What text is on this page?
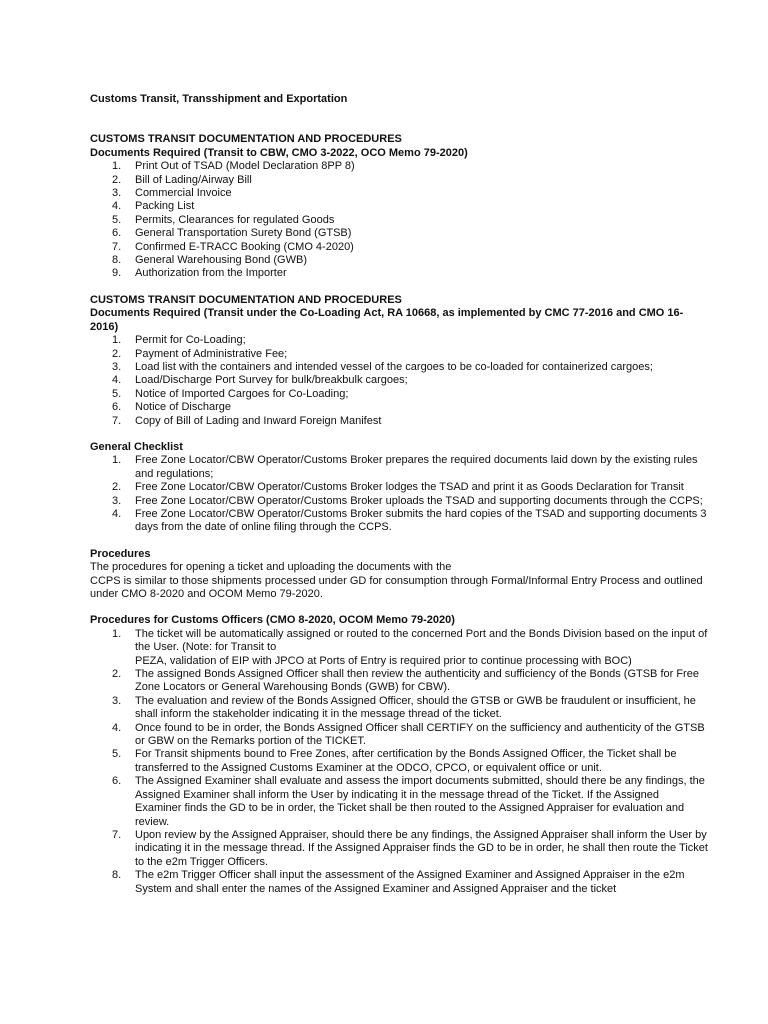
Customs Transit, Transshipment and Exportation
CUSTOMS TRANSIT DOCUMENTATION AND PROCEDURES
Documents Required (Transit to CBW, CMO 3-2022, OCO Memo 79-2020)
1. Print Out of TSAD (Model Declaration 8PP 8)
2. Bill of Lading/Airway Bill
3. Commercial Invoice
4. Packing List
5. Permits, Clearances for regulated Goods
6. General Transportation Surety Bond (GTSB)
7. Confirmed E-TRACC Booking (CMO 4-2020)
8. General Warehousing Bond (GWB)
9. Authorization from the Importer
CUSTOMS TRANSIT DOCUMENTATION AND PROCEDURES
Documents Required (Transit under the Co-Loading Act, RA 10668, as implemented by CMC 77-2016 and CMO 16-2016)
1. Permit for Co-Loading;
2. Payment of Administrative Fee;
3. Load list with the containers and intended vessel of the cargoes to be co-loaded for containerized cargoes;
4. Load/Discharge Port Survey for bulk/breakbulk cargoes;
5. Notice of Imported Cargoes for Co-Loading;
6. Notice of Discharge
7. Copy of Bill of Lading and Inward Foreign Manifest
General Checklist
1. Free Zone Locator/CBW Operator/Customs Broker prepares the required documents laid down by the existing rules and regulations;
2. Free Zone Locator/CBW Operator/Customs Broker lodges the TSAD and print it as Goods Declaration for Transit
3. Free Zone Locator/CBW Operator/Customs Broker uploads the TSAD and supporting documents through the CCPS;
4. Free Zone Locator/CBW Operator/Customs Broker submits the hard copies of the TSAD and supporting documents 3 days from the date of online filing through the CCPS.
Procedures
The procedures for opening a ticket and uploading the documents with the
CCPS is similar to those shipments processed under GD for consumption through Formal/Informal Entry Process and outlined under CMO 8-2020 and OCOM Memo 79-2020.
Procedures for Customs Officers (CMO 8-2020, OCOM Memo 79-2020)
1. The ticket will be automatically assigned or routed to the concerned Port and the Bonds Division based on the input of the User. (Note: for Transit to
PEZA, validation of EIP with JPCO at Ports of Entry is required prior to continue processing with BOC)
2. The assigned Bonds Assigned Officer shall then review the authenticity and sufficiency of the Bonds (GTSB for Free Zone Locators or General Warehousing Bonds (GWB) for CBW).
3. The evaluation and review of the Bonds Assigned Officer, should the GTSB or GWB be fraudulent or insufficient, he shall inform the stakeholder indicating it in the message thread of the ticket.
4. Once found to be in order, the Bonds Assigned Officer shall CERTIFY on the sufficiency and authenticity of the GTSB or GBW on the Remarks portion of the TICKET.
5. For Transit shipments bound to Free Zones, after certification by the Bonds Assigned Officer, the Ticket shall be transferred to the Assigned Customs Examiner at the ODCO, CPCO, or equivalent office or unit.
6. The Assigned Examiner shall evaluate and assess the import documents submitted, should there be any findings, the Assigned Examiner shall inform the User by indicating it in the message thread of the Ticket. If the Assigned Examiner finds the GD to be in order, the Ticket shall be then routed to the Assigned Appraiser for evaluation and review.
7. Upon review by the Assigned Appraiser, should there be any findings, the Assigned Appraiser shall inform the User by indicating it in the message thread. If the Assigned Appraiser finds the GD to be in order, he shall then route the Ticket to the e2m Trigger Officers.
8. The e2m Trigger Officer shall input the assessment of the Assigned Examiner and Assigned Appraiser in the e2m System and shall enter the names of the Assigned Examiner and Assigned Appraiser and the ticket
